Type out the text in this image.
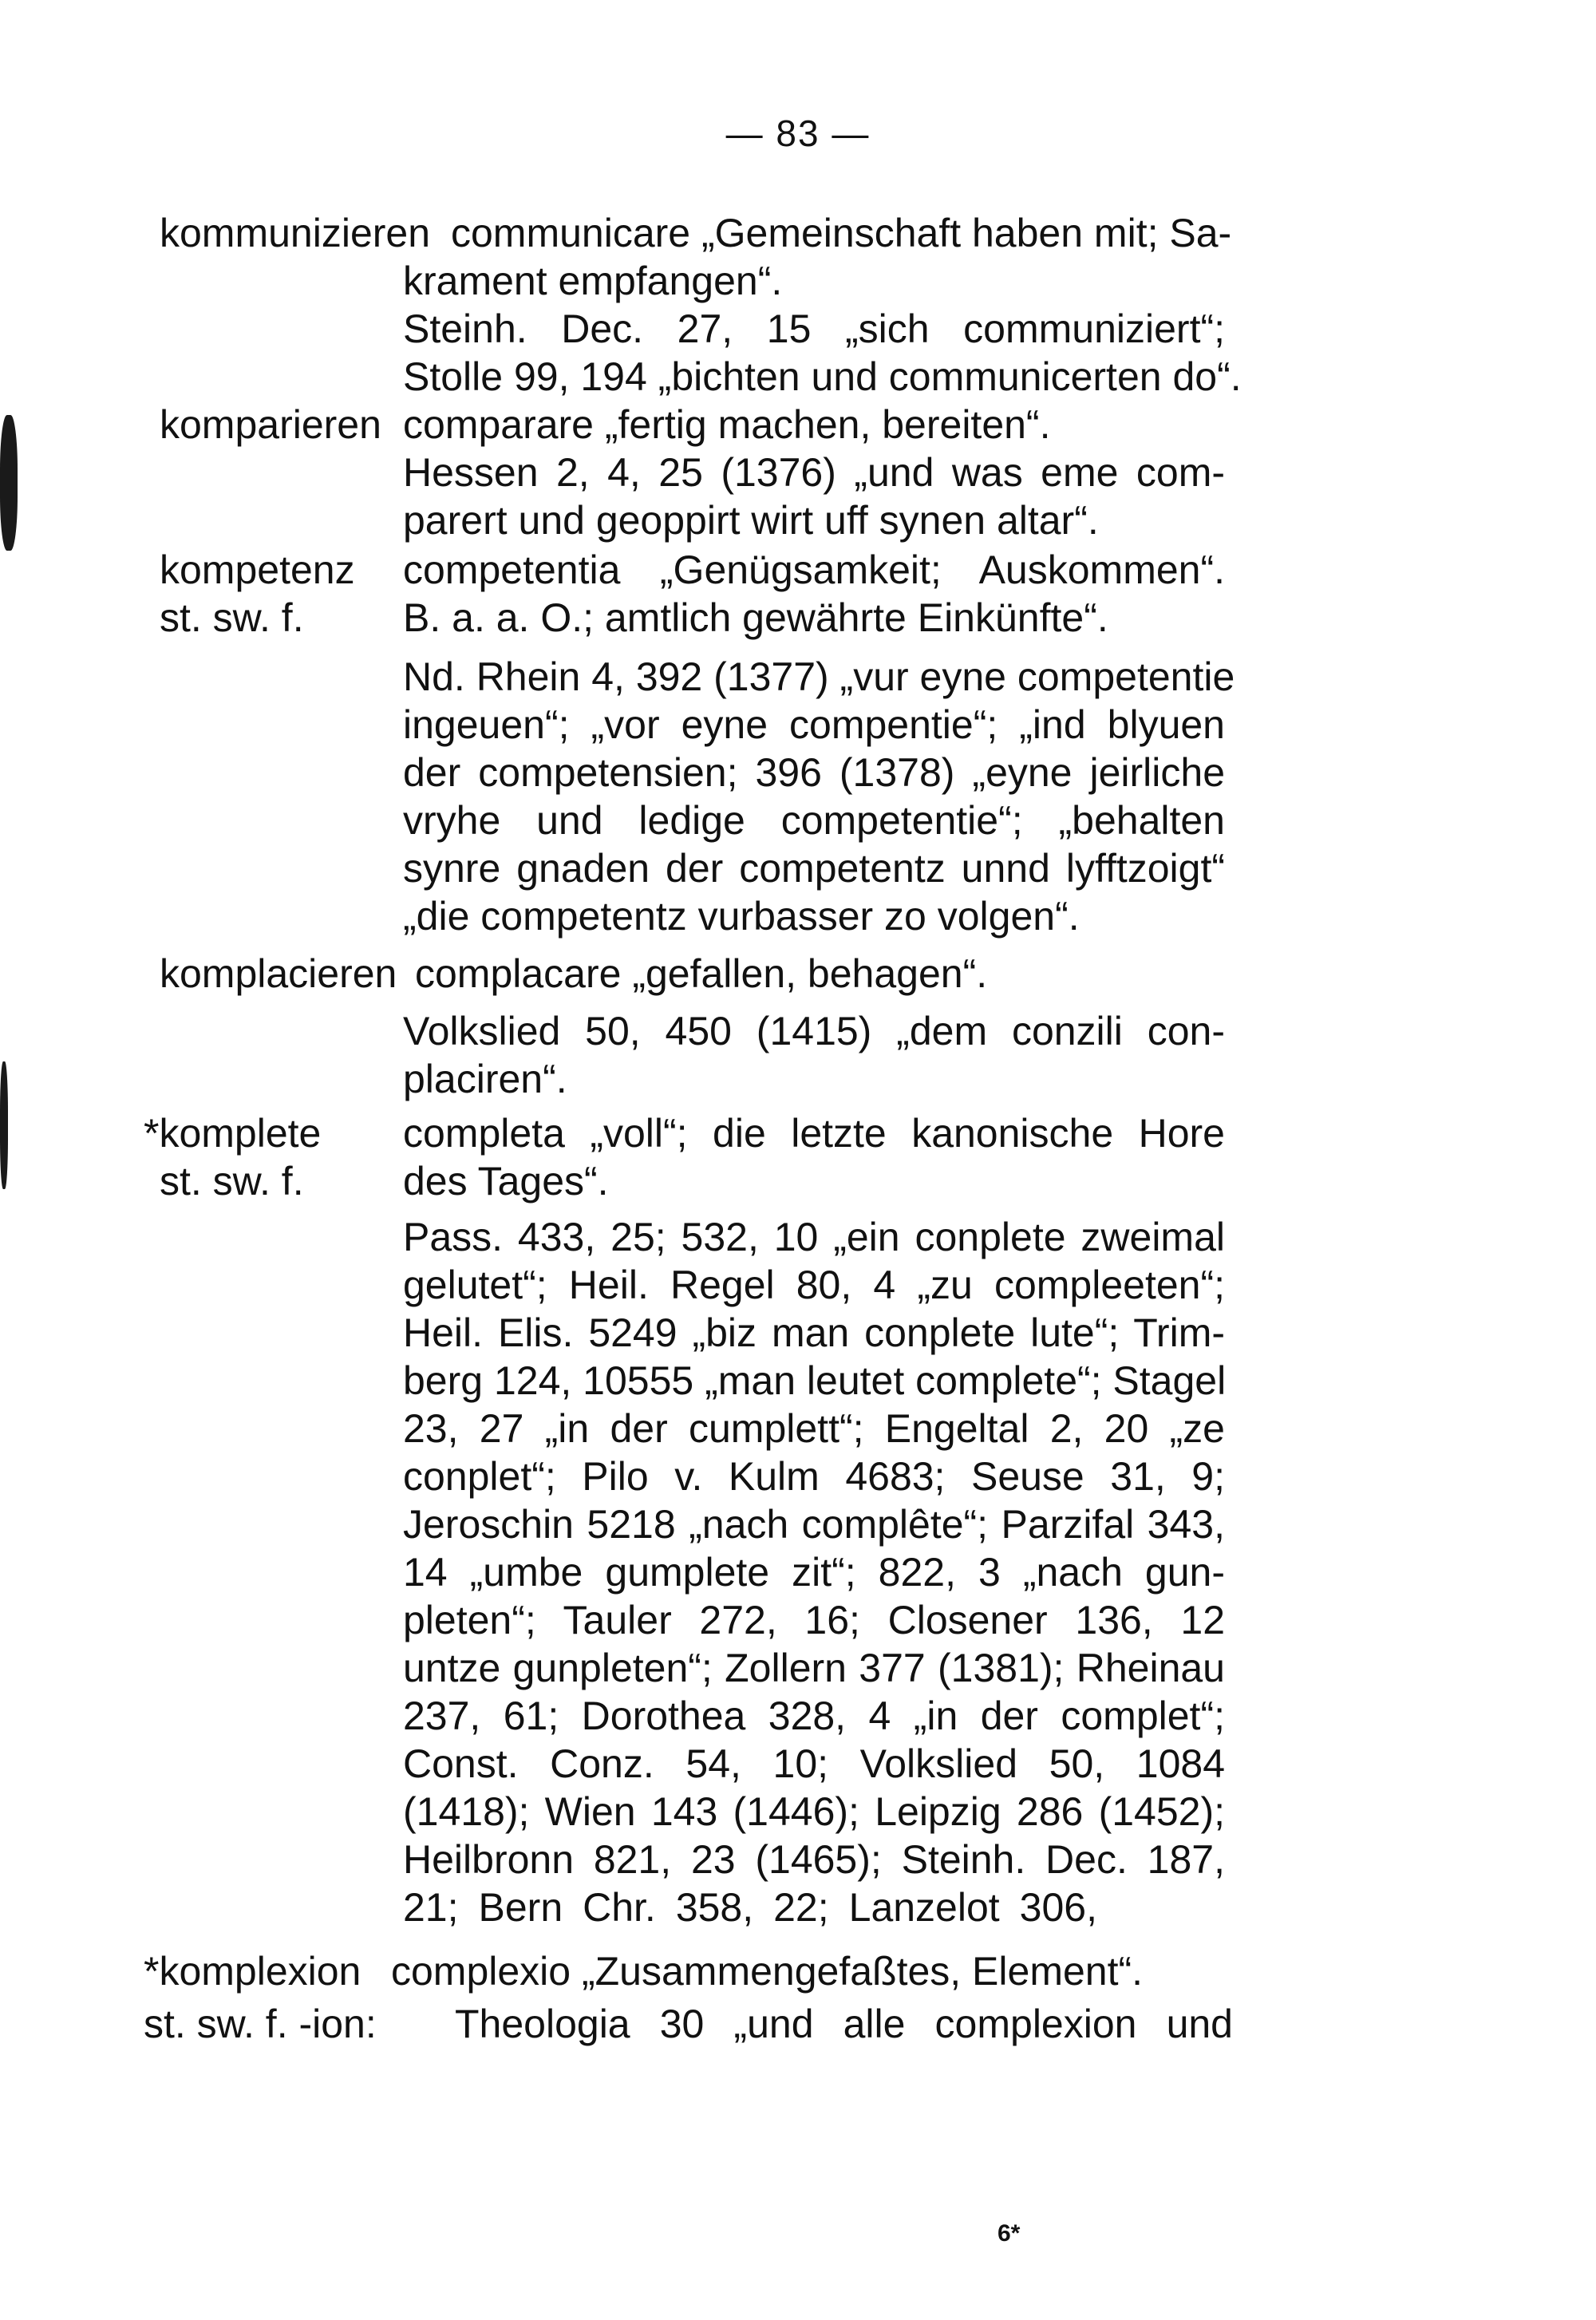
— 83 —
kommunizieren communicare „Gemeinschaft haben mit; Sa-
krament empfangen“.
Steinh. Dec. 27, 15 „sich communiziert“;
Stolle 99, 194 „bichten und communicerten do“.
komparieren comparare „fertig machen, bereiten“.
Hessen 2, 4, 25 (1376) „und was eme com-
parert und geoppirt wirt uff synen altar“.
kompetenz competentia „Genügsamkeit; Auskommen“.
st. sw. f. B. a. a. O.; amtlich gewährte Einkünfte“.
Nd. Rhein 4, 392 (1377) „vur eyne competentie
ingeuen“; „vor eyne compentie“; „ind blyuen
der competensien; 396 (1378) „eyne jeirliche
vryhe und ledige competentie“; „behalten
synre gnaden der competentz unnd lyfftzoigt“
„die competentz vurbasser zo volgen“.
komplacieren complacare „gefallen, behagen“.
Volkslied 50, 450 (1415) „dem conzili con-
placiren“.
*komplete completa „voll“; die letzte kanonische Hore
st. sw. f. des Tages“.
Pass. 433, 25; 532, 10 „ein conplete zweimal
gelutet“; Heil. Regel 80, 4 „zu compleeten“;
Heil. Elis. 5249 „biz man conplete lute“; Trim-
berg 124, 10555 „man leutet complete“; Stagel
23, 27 „in der cumplett“; Engeltal 2, 20 „ze
conplet“; Pilo v. Kulm 4683; Seuse 31, 9;
Jeroschin 5218 „nach complête“; Parzifal 343,
14 „umbe gumplete zit“; 822, 3 „nach gun-
pleten“; Tauler 272, 16; Closener 136, 12
untze gunpleten“; Zollern 377 (1381); Rheinau
237, 61; Dorothea 328, 4 „in der complet“;
Const. Conz. 54, 10; Volkslied 50, 1084
(1418); Wien 143 (1446); Leipzig 286 (1452);
Heilbronn 821, 23 (1465); Steinh. Dec. 187,
21; Bern Chr. 358, 22; Lanzelot 306,
*komplexion complexio „Zusammengefaßtes, Element“.
st. sw. f. -ion: Theologia 30 „und alle complexion und
6*
